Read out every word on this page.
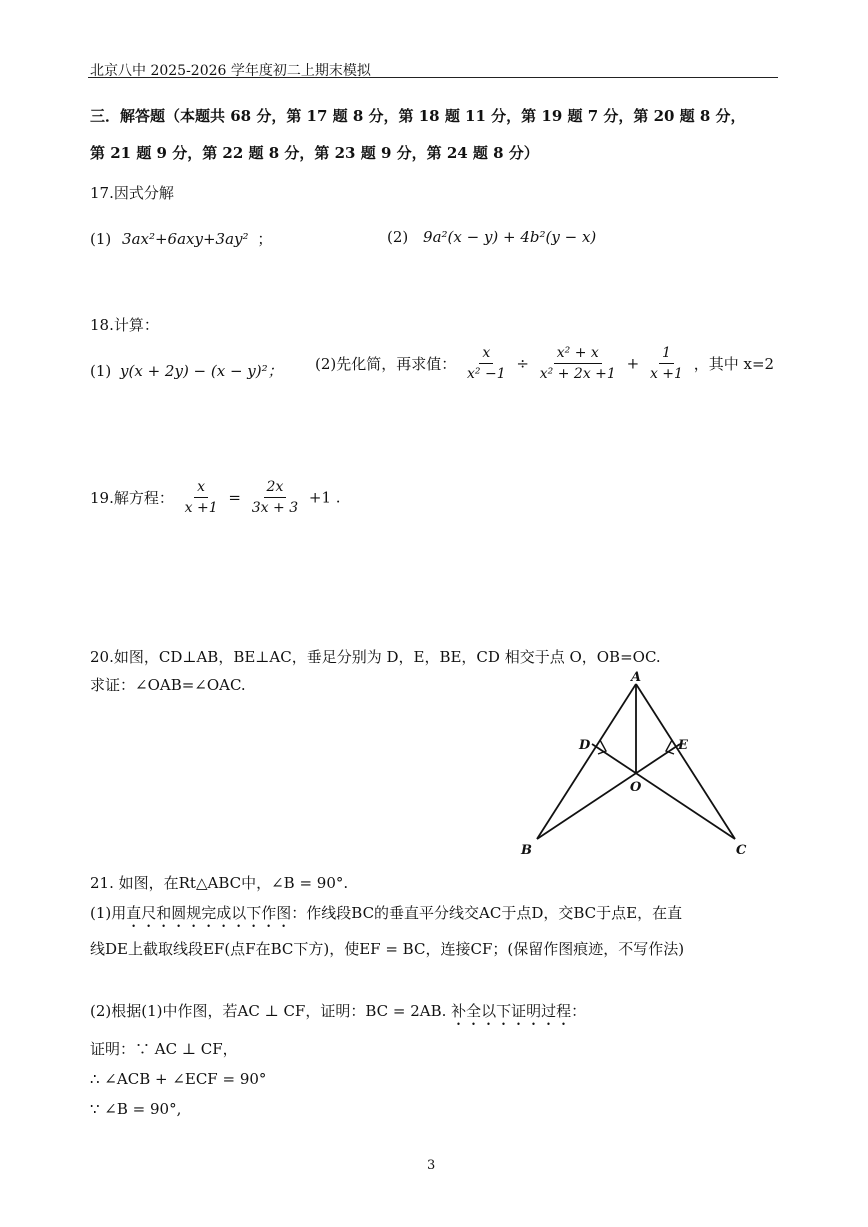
北京八中 2025-2026 学年度初二上期末模拟
三．解答题（本题共 68 分，第 17 题 8 分，第 18 题 11 分，第 19 题 7 分，第 20 题 8 分，
第 21 题 9 分，第 22 题 8 分，第 23 题 9 分，第 24 题 8 分）
17.因式分解
(1) 3ax²+6axy+3ay² ；	(2) 9a²(x − y) + 4b²(y − x)
18.计算：
(1) y(x + 2y) − (x − y)²； (2)先化简，再求值： $\frac{x}{\text{x² −1}} \div \frac{\text{x² + x}}{\text{x² + 2x +1}} + \frac{1}{x +1}$ ，其中 x=2
19.解方程： $\frac{x}{x +1} = \frac{2x}{3x + 3} +1$ .
20.如图，CD⊥AB，BE⊥AC，垂足分别为 D，E，BE，CD 相交于点 O，OB=OC.
求证：∠OAB=∠OAC.	A
B	C
D	E
O
21. 如图，在Rt△ABC中，∠B = 90°.
(1)用直尺和圆规完成以下作图：作线段BC的垂直平分线交AC于点D，交BC于点E，在直
线DE上截取线段EF(点F在BC下方)，使EF = BC，连接CF；(保留作图痕迹，不写作法)
(2)根据(1)中作图，若AC ⊥ CF，证明：BC = 2AB. 补全以下证明过程：
证明：∵ AC ⊥ CF，
∴ ∠ACB + ∠ECF = 90°
∵ ∠B = 90°,
3
